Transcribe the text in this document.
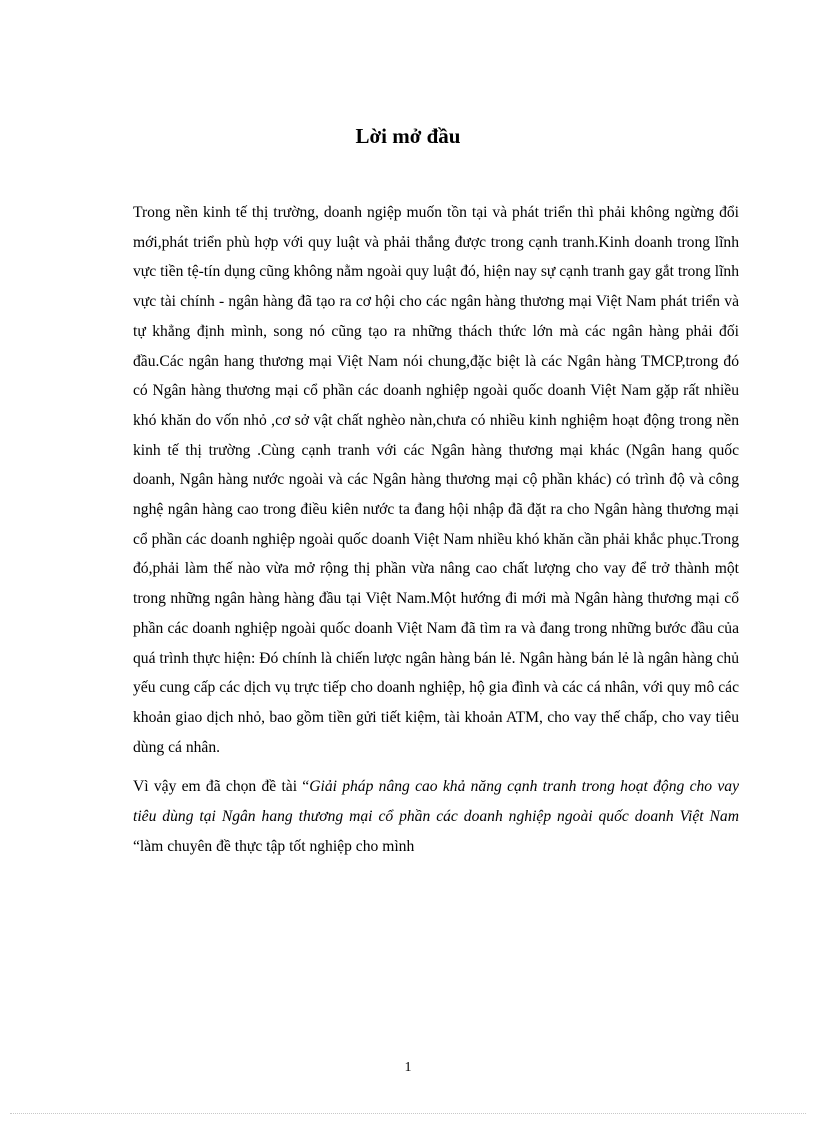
Lời mở đầu

Trong nền kinh tế thị trường, doanh ngiệp muốn tồn tại và phát triển thì phải không ngừng đổi mới,phát triển phù hợp với quy luật và phải thắng được trong cạnh tranh.Kinh doanh trong lĩnh vực tiền tệ-tín dụng cũng không nằm ngoài quy luật đó, hiện nay sự cạnh tranh gay gắt trong lĩnh vực tài chính - ngân hàng đã tạo ra cơ hội cho các ngân hàng thương mại Việt Nam phát triển và tự khẳng định mình, song nó cũng tạo ra những thách thức lớn mà các ngân hàng phải đối đầu.Các ngân hang thương mại Việt Nam nói chung,đặc biệt là các Ngân hàng TMCP,trong đó có Ngân hàng thương mại cổ phần các doanh nghiệp ngoài quốc doanh Việt Nam gặp rất nhiều khó khăn do vốn nhỏ ,cơ sở vật chất nghèo nàn,chưa có nhiều kinh nghiệm hoạt động trong nền kinh tế thị trường .Cùng cạnh tranh với các Ngân hàng thương mại khác (Ngân hang quốc doanh, Ngân hàng nước ngoài và các Ngân hàng thương mại cộ phần khác) có trình độ và công nghệ ngân hàng cao trong điều kiên nước ta đang hội nhập đã đặt ra cho Ngân hàng thương mại cổ phần các doanh nghiệp ngoài quốc doanh Việt Nam nhiều khó khăn cần phải khắc phục.Trong đó,phải làm thế nào vừa mở rộng thị phần vừa nâng cao chất lượng cho vay để trở thành một trong những ngân hàng hàng đầu tại Việt Nam.Một hướng đi mới mà Ngân hàng thương mại cổ phần các doanh nghiệp ngoài quốc doanh Việt Nam đã tìm ra và đang trong những bước đầu của quá trình thực hiện: Đó chính là chiến lược ngân hàng bán lẻ. Ngân hàng bán lẻ là ngân hàng chủ yếu cung cấp các dịch vụ trực tiếp cho doanh nghiệp, hộ gia đình và các cá nhân, với quy mô các khoản giao dịch nhỏ, bao gồm tiền gửi tiết kiệm, tài khoản ATM, cho vay thế chấp, cho vay tiêu dùng cá nhân.

Vì vậy em đã chọn đề tài “Giải pháp nâng cao khả năng cạnh tranh trong hoạt động cho vay tiêu dùng tại Ngân hang thương mại cổ phần các doanh nghiệp ngoài quốc doanh Việt Nam “làm chuyên đề thực tập tốt nghiệp cho mình

1
